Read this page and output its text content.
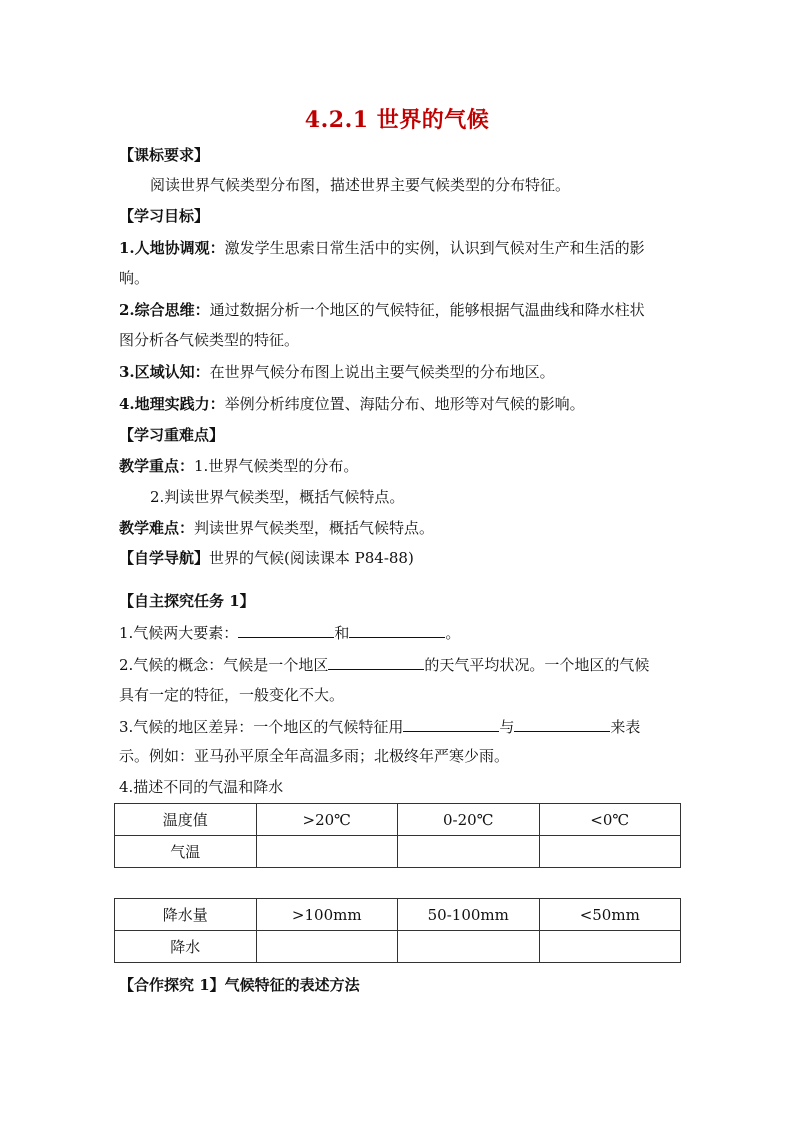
4.2.1 世界的气候
【课标要求】
阅读世界气候类型分布图，描述世界主要气候类型的分布特征。
【学习目标】
1.人地协调观：激发学生思索日常生活中的实例，认识到气候对生产和生活的影
响。
2.综合思维：通过数据分析一个地区的气候特征，能够根据气温曲线和降水柱状
图分析各气候类型的特征。
3.区域认知：在世界气候分布图上说出主要气候类型的分布地区。
4.地理实践力：举例分析纬度位置、海陆分布、地形等对气候的影响。
【学习重难点】
教学重点：1.世界气候类型的分布。
2.判读世界气候类型，概括气候特点。
教学难点：判读世界气候类型，概括气候特点。
【自学导航】世界的气候(阅读课本 P84-88)
【自主探究任务 1】
1.气候两大要素：	和	。
2.气候的概念：气候是一个地区	的天气平均状况。一个地区的气候
具有一定的特征，一般变化不大。
3.气候的地区差异：一个地区的气候特征用	与	来表
示。例如：亚马孙平原全年高温多雨；北极终年严寒少雨。
4.描述不同的气温和降水
温度值	>20℃	0-20℃	<0℃
气温			
降水量	>100mm	50-100mm	<50mm
降水			
【合作探究 1】气候特征的表述方法
